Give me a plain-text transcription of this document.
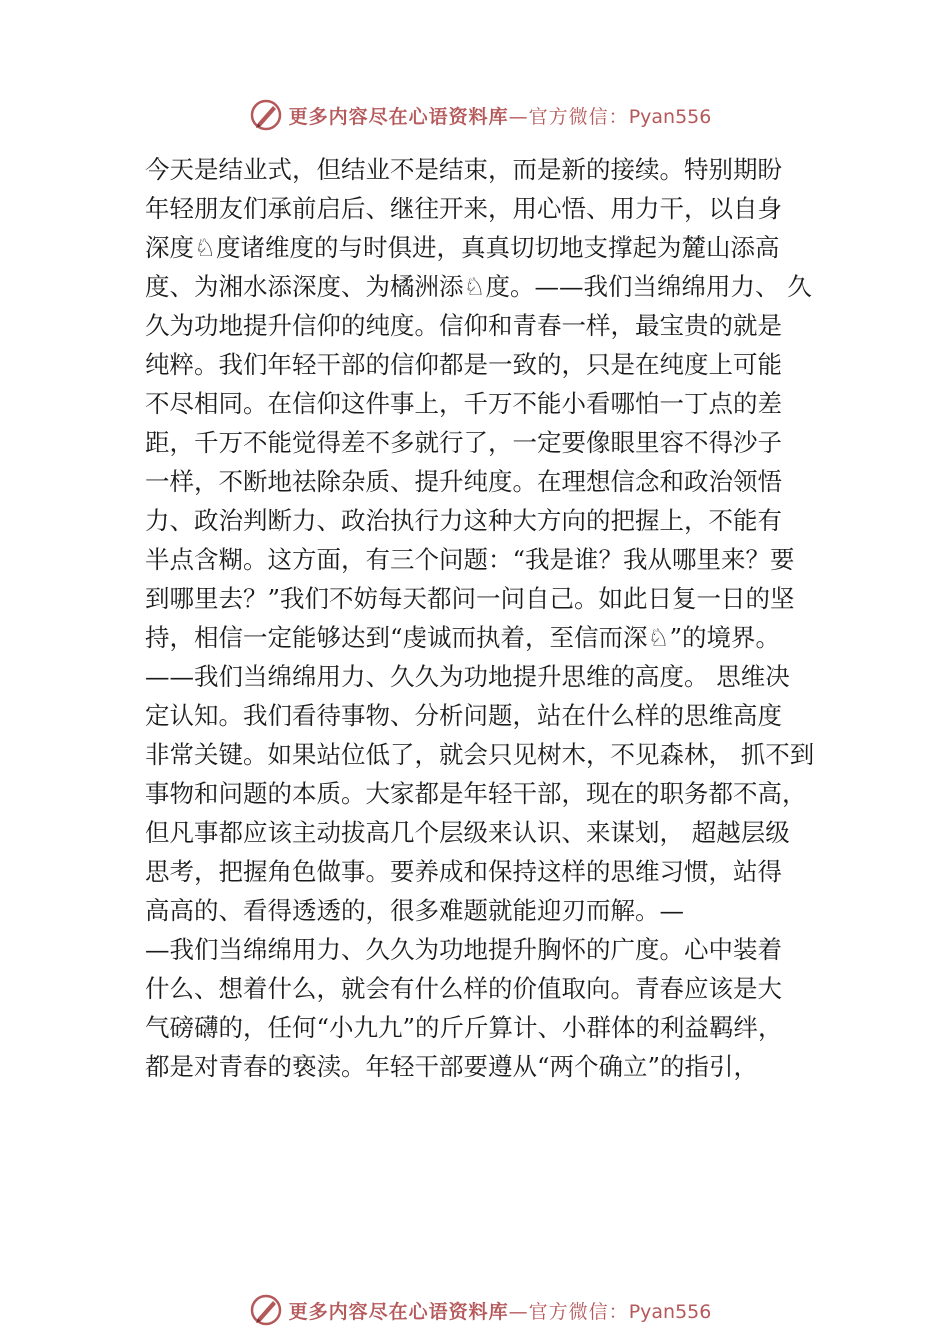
更多内容尽在心语资料库—官方微信：Pyan556
今天是结业式，但结业不是结束，而是新的接续。特别期盼
年轻朋友们承前启后、继往开来，用心悟、用力干，以自身
深度♘度诸维度的与时俱进，真真切切地支撑起为麓山添高
度、为湘水添深度、为橘洲添♘度。——我们当绵绵用力、 久
久为功地提升信仰的纯度。信仰和青春一样，最宝贵的就是
纯粹。我们年轻干部的信仰都是一致的，只是在纯度上可能
不尽相同。在信仰这件事上，千万不能小看哪怕一丁点的差
距，千万不能觉得差不多就行了，一定要像眼里容不得沙子
一样，不断地祛除杂质、提升纯度。在理想信念和政治领悟
力、政治判断力、政治执行力这种大方向的把握上，不能有
半点含糊。这方面，有三个问题：“我是谁？我从哪里来？要
到哪里去？”我们不妨每天都问一问自己。如此日复一日的坚
持，相信一定能够达到“虔诚而执着，至信而深♘”的境界。
——我们当绵绵用力、久久为功地提升思维的高度。 思维决
定认知。我们看待事物、分析问题，站在什么样的思维高度
非常关键。如果站位低了，就会只见树木，不见森林， 抓不到
事物和问题的本质。大家都是年轻干部，现在的职务都不高，
但凡事都应该主动拔高几个层级来认识、来谋划， 超越层级
思考，把握角色做事。要养成和保持这样的思维习惯，站得
高高的、看得透透的，很多难题就能迎刃而解。—
—我们当绵绵用力、久久为功地提升胸怀的广度。心中装着
什么、想着什么，就会有什么样的价值取向。青春应该是大
气磅礴的，任何“小九九”的斤斤算计、小群体的利益羁绊，
都是对青春的亵渎。年轻干部要遵从“两个确立”的指引，
更多内容尽在心语资料库—官方微信：Pyan556
